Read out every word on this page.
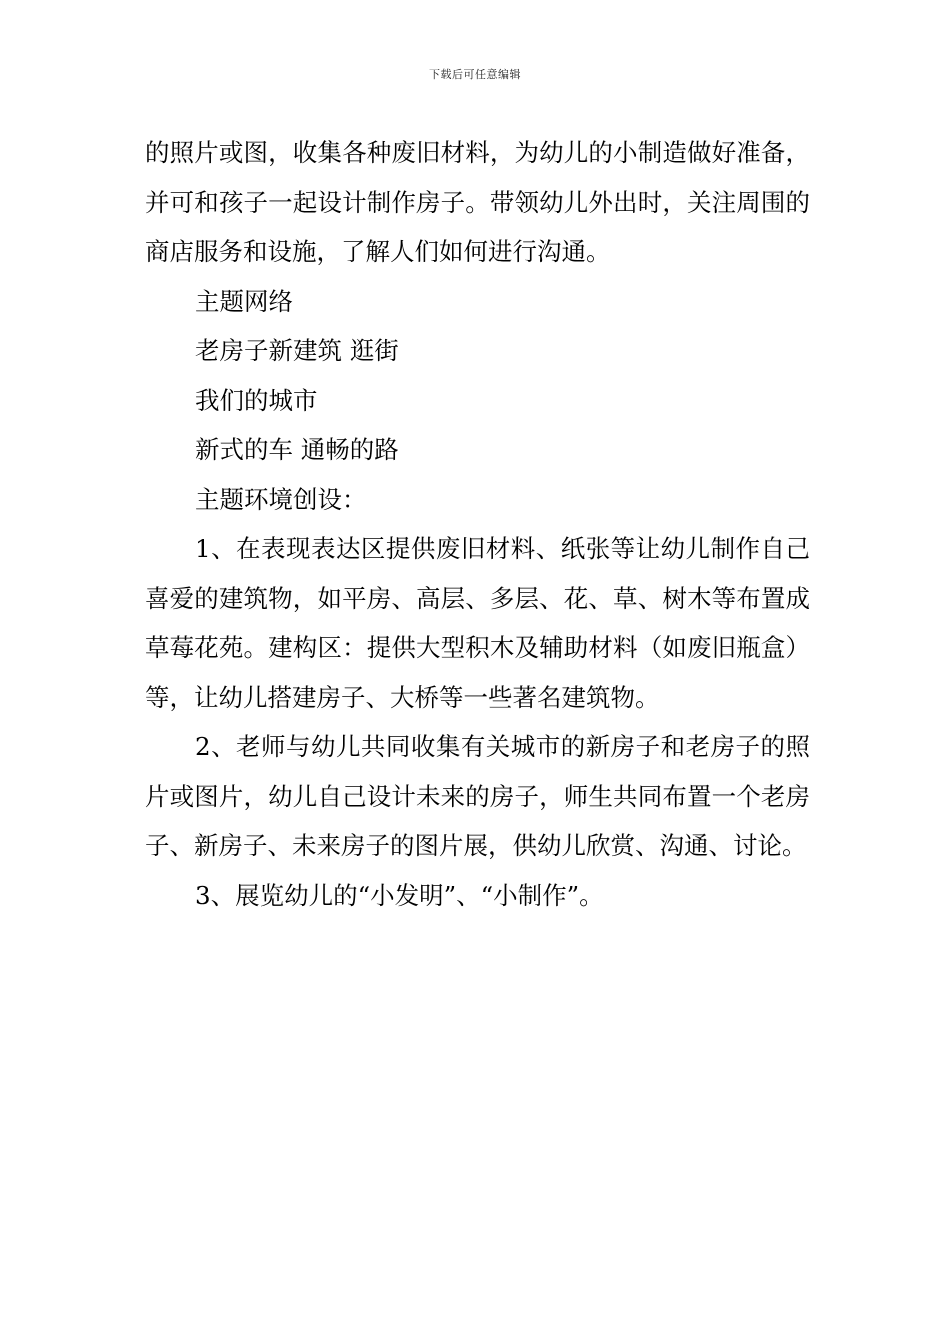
下载后可任意编辑

的照片或图，收集各种废旧材料，为幼儿的小制造做好准备，并可和孩子一起设计制作房子。带领幼儿外出时，关注周围的商店服务和设施，了解人们如何进行沟通。

主题网络

老房子新建筑 逛街

我们的城市

新式的车 通畅的路

主题环境创设：

1、在表现表达区提供废旧材料、纸张等让幼儿制作自己喜爱的建筑物，如平房、高层、多层、花、草、树木等布置成草莓花苑。建构区：提供大型积木及辅助材料（如废旧瓶盒）等，让幼儿搭建房子、大桥等一些著名建筑物。

2、老师与幼儿共同收集有关城市的新房子和老房子的照片或图片，幼儿自己设计未来的房子，师生共同布置一个老房子、新房子、未来房子的图片展，供幼儿欣赏、沟通、讨论。

3、展览幼儿的“小发明”、“小制作”。
